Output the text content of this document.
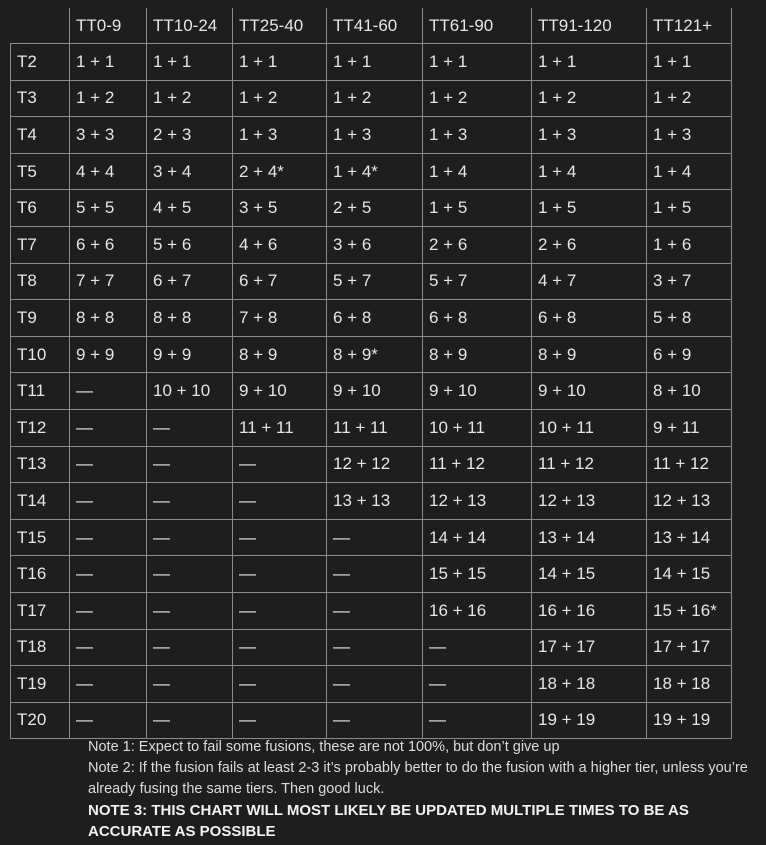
	TT0-9	TT10-24	TT25-40	TT41-60	TT61-90	TT91-120	TT121+
T2	1 + 1	1 + 1	1 + 1	1 + 1	1 + 1	1 + 1	1 + 1
T3	1 + 2	1 + 2	1 + 2	1 + 2	1 + 2	1 + 2	1 + 2
T4	3 + 3	2 + 3	1 + 3	1 + 3	1 + 3	1 + 3	1 + 3
T5	4 + 4	3 + 4	2 + 4*	1 + 4*	1 + 4	1 + 4	1 + 4
T6	5 + 5	4 + 5	3 + 5	2 + 5	1 + 5	1 + 5	1 + 5
T7	6 + 6	5 + 6	4 + 6	3 + 6	2 + 6	2 + 6	1 + 6
T8	7 + 7	6 + 7	6 + 7	5 + 7	5 + 7	4 + 7	3 + 7
T9	8 + 8	8 + 8	7 + 8	6 + 8	6 + 8	6 + 8	5 + 8
T10	9 + 9	9 + 9	8 + 9	8 + 9*	8 + 9	8 + 9	6 + 9
T11	—	10 + 10	9 + 10	9 + 10	9 + 10	9 + 10	8 + 10
T12	—	—	11 + 11	11 + 11	10 + 11	10 + 11	9 + 11
T13	—	—	—	12 + 12	11 + 12	11 + 12	11 + 12
T14	—	—	—	13 + 13	12 + 13	12 + 13	12 + 13
T15	—	—	—	—	14 + 14	13 + 14	13 + 14
T16	—	—	—	—	15 + 15	14 + 15	14 + 15
T17	—	—	—	—	16 + 16	16 + 16	15 + 16*
T18	—	—	—	—	—	17 + 17	17 + 17
T19	—	—	—	—	—	18 + 18	18 + 18
T20	—	—	—	—	—	19 + 19	19 + 19
Note 1: Expect to fail some fusions, these are not 100%, but don’t give up
Note 2: If the fusion fails at least 2-3 it’s probably better to do the fusion with a higher tier, unless you’re already fusing the same tiers. Then good luck.
NOTE 3: THIS CHART WILL MOST LIKELY BE UPDATED MULTIPLE TIMES TO BE AS ACCURATE AS POSSIBLE
